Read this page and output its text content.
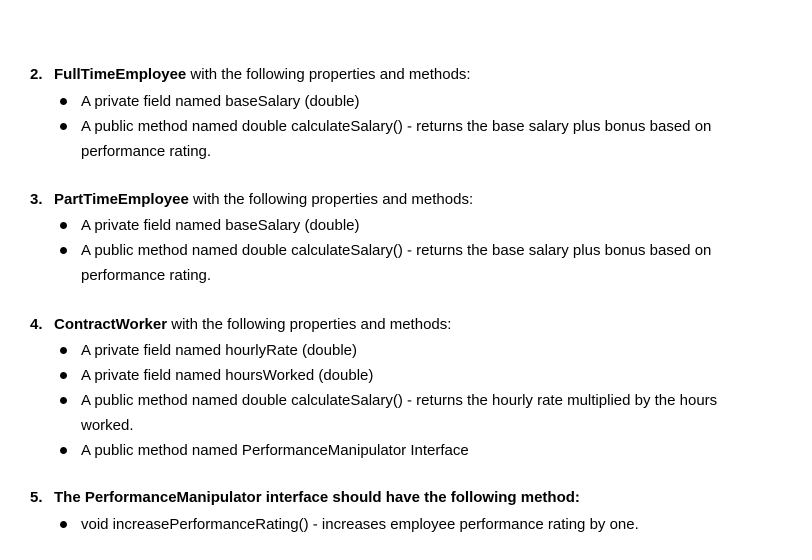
2. FullTimeEmployee with the following properties and methods:
A private field named baseSalary (double)
A public method named double calculateSalary() - returns the base salary plus bonus based on performance rating.
3. PartTimeEmployee with the following properties and methods:
A private field named baseSalary (double)
A public method named double calculateSalary() - returns the base salary plus bonus based on performance rating.
4. ContractWorker with the following properties and methods:
A private field named hourlyRate (double)
A private field named hoursWorked (double)
A public method named double calculateSalary() - returns the hourly rate multiplied by the hours worked.
A public method named PerformanceManipulator Interface
5. The PerformanceManipulator interface should have the following method:
void increasePerformanceRating() - increases employee performance rating by one.
